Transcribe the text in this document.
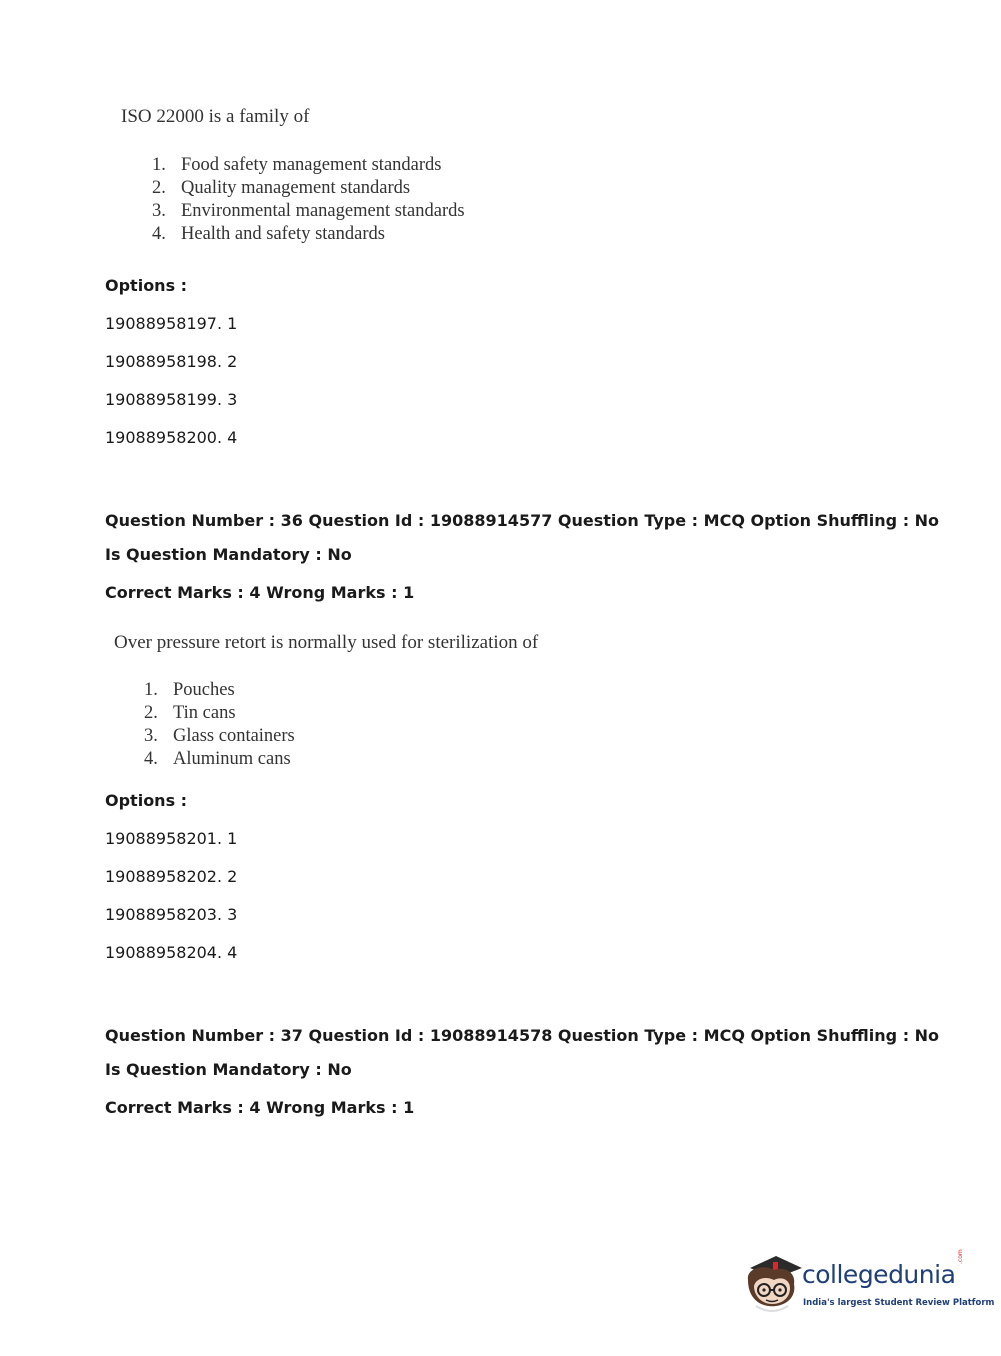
ISO 22000 is a family of
1. Food safety management standards
2. Quality management standards
3. Environmental management standards
4. Health and safety standards
Options :
19088958197. 1
19088958198. 2
19088958199. 3
19088958200. 4
Question Number : 36 Question Id : 19088914577 Question Type : MCQ Option Shuffling : No
Is Question Mandatory : No
Correct Marks : 4 Wrong Marks : 1
Over pressure retort is normally used for sterilization of
1. Pouches
2. Tin cans
3. Glass containers
4. Aluminum cans
Options :
19088958201. 1
19088958202. 2
19088958203. 3
19088958204. 4
Question Number : 37 Question Id : 19088914578 Question Type : MCQ Option Shuffling : No
Is Question Mandatory : No
Correct Marks : 4 Wrong Marks : 1
collegedunia
.com
India's largest Student Review Platform
